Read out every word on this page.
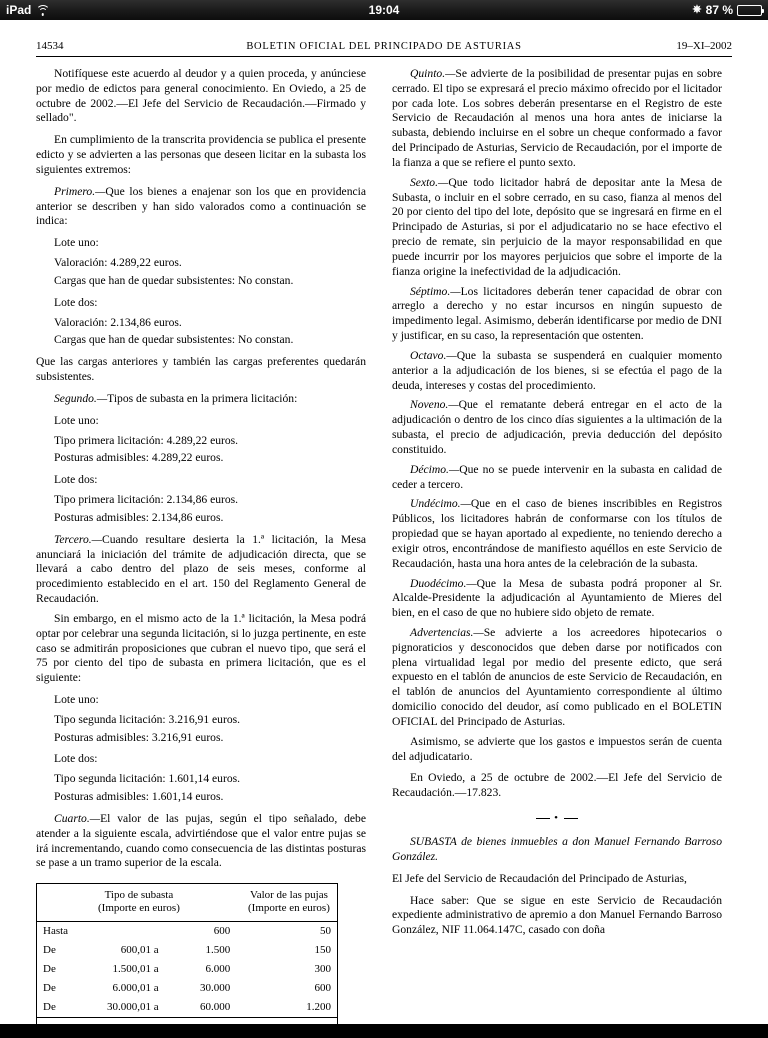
iPad	19:04	✵ 87 %
14534	BOLETIN OFICIAL DEL PRINCIPADO DE ASTURIAS	19–XI–2002

Notifíquese este acuerdo al deudor y a quien proceda, y anúnciese por medio de edictos para general conocimiento. En Oviedo, a 25 de octubre de 2002.—El Jefe del Servicio de Recaudación.—Firmado y sellado".

En cumplimiento de la transcrita providencia se publica el presente edicto y se advierten a las personas que deseen licitar en la subasta los siguientes extremos:

Primero.—Que los bienes a enajenar son los que en providencia anterior se describen y han sido valorados como a continuación se indica:

Lote uno:

Valoración: 4.289,22 euros.

Cargas que han de quedar subsistentes: No constan.

Lote dos:

Valoración: 2.134,86 euros.

Cargas que han de quedar subsistentes: No constan.

Que las cargas anteriores y también las cargas preferentes quedarán subsistentes.

Segundo.—Tipos de subasta en la primera licitación:

Lote uno:

Tipo primera licitación: 4.289,22 euros.

Posturas admisibles: 4.289,22 euros.

Lote dos:

Tipo primera licitación: 2.134,86 euros.

Posturas admisibles: 2.134,86 euros.

Tercero.—Cuando resultare desierta la 1.ª licitación, la Mesa anunciará la iniciación del trámite de adjudicación directa, que se llevará a cabo dentro del plazo de seis meses, conforme al procedimiento establecido en el art. 150 del Reglamento General de Recaudación.

Sin embargo, en el mismo acto de la 1.ª licitación, la Mesa podrá optar por celebrar una segunda licitación, si lo juzga pertinente, en este caso se admitirán proposiciones que cubran el nuevo tipo, que será el 75 por ciento del tipo de subasta en primera licitación, que es el siguiente:

Lote uno:

Tipo segunda licitación: 3.216,91 euros.

Posturas admisibles: 3.216,91 euros.

Lote dos:

Tipo segunda licitación: 1.601,14 euros.

Posturas admisibles: 1.601,14 euros.

Cuarto.—El valor de las pujas, según el tipo señalado, debe atender a la siguiente escala, advirtiéndose que el valor entre pujas se irá incrementando, cuando como consecuencia de las distintas posturas se pase a un tramo superior de la escala.

Tipo de subasta
(Importe en euros)			Valor de las pujas
(Importe en euros)
Hasta		600	50
De	600,01 a	1.500	150
De	1.500,01 a	6.000	300
De	6.000,01 a	30.000	600
De	30.000,01 a	60.000	1.200
Más de 60.000			3.000

Quinto.—Se advierte de la posibilidad de presentar pujas en sobre cerrado. El tipo se expresará el precio máximo ofrecido por el licitador por cada lote. Los sobres deberán presentarse en el Registro de este Servicio de Recaudación al menos una hora antes de iniciarse la subasta, debiendo incluirse en el sobre un cheque conformado a favor del Principado de Asturias, Servicio de Recaudación, por el importe de la fianza a que se refiere el punto sexto.

Sexto.—Que todo licitador habrá de depositar ante la Mesa de Subasta, o incluir en el sobre cerrado, en su caso, fianza al menos del 20 por ciento del tipo del lote, depósito que se ingresará en firme en el Principado de Asturias, si por el adjudicatario no se hace efectivo el precio de remate, sin perjuicio de la mayor responsabilidad en que puede incurrir por los mayores perjuicios que sobre el importe de la fianza origine la inefectividad de la adjudicación.

Séptimo.—Los licitadores deberán tener capacidad de obrar con arreglo a derecho y no estar incursos en ningún supuesto de impedimento legal. Asimismo, deberán identificarse por medio de DNI y justificar, en su caso, la representación que ostenten.

Octavo.—Que la subasta se suspenderá en cualquier momento anterior a la adjudicación de los bienes, si se efectúa el pago de la deuda, intereses y costas del procedimiento.

Noveno.—Que el rematante deberá entregar en el acto de la adjudicación o dentro de los cinco días siguientes a la ultimación de la subasta, el precio de adjudicación, previa deducción del depósito constituido.

Décimo.—Que no se puede intervenir en la subasta en calidad de ceder a tercero.

Undécimo.—Que en el caso de bienes inscribibles en Registros Públicos, los licitadores habrán de conformarse con los títulos de propiedad que se hayan aportado al expediente, no teniendo derecho a exigir otros, encontrándose de manifiesto aquéllos en este Servicio de Recaudación, hasta una hora antes de la celebración de la subasta.

Duodécimo.—Que la Mesa de subasta podrá proponer al Sr. Alcalde-Presidente la adjudicación al Ayuntamiento de Mieres del bien, en el caso de que no hubiere sido objeto de remate.

Advertencias.—Se advierte a los acreedores hipotecarios o pignoraticios y desconocidos que deben darse por notificados con plena virtualidad legal por medio del presente edicto, que será expuesto en el tablón de anuncios de este Servicio de Recaudación, en el tablón de anuncios del Ayuntamiento correspondiente al último domicilio conocido del deudor, así como publicado en el BOLETIN OFICIAL del Principado de Asturias.

Asimismo, se advierte que los gastos e impuestos serán de cuenta del adjudicatario.

En Oviedo, a 25 de octubre de 2002.—El Jefe del Servicio de Recaudación.—17.823.

•

SUBASTA de bienes inmuebles a don Manuel Fernando Barroso González.

El Jefe del Servicio de Recaudación del Principado de Asturias,

Hace saber: Que se sigue en este Servicio de Recaudación expediente administrativo de apremio a don Manuel Fernando Barroso González, NIF 11.064.147C, casado con doña
